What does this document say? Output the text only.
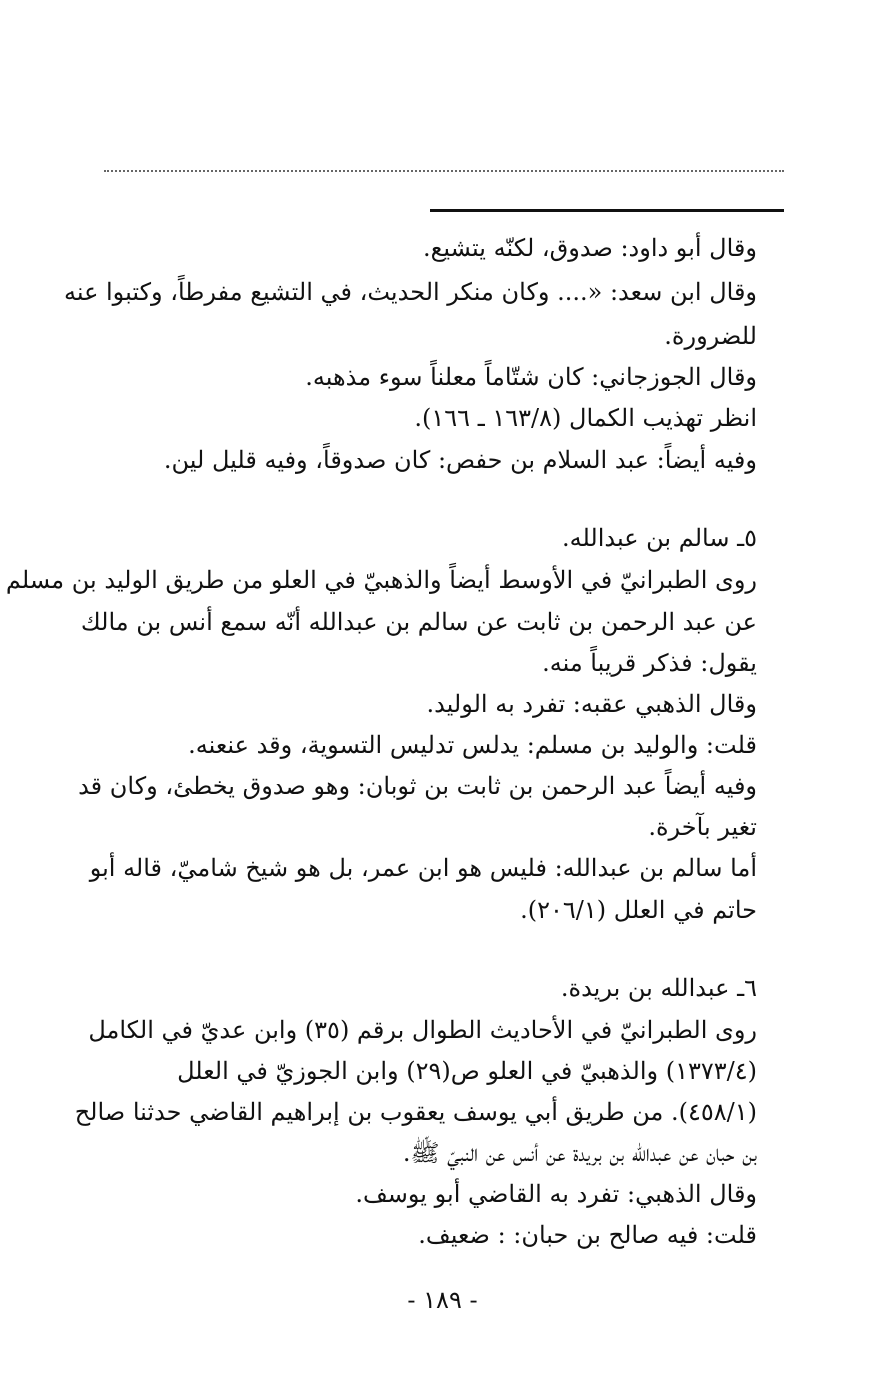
وقال أبو داود: صدوق، لكنّه يتشيع.
وقال ابن سعد: «.... وكان منكر الحديث، في التشيع مفرطاً، وكتبوا عنه
للضرورة.
وقال الجوزجاني: كان شتّاماً معلناً سوء مذهبه.
انظر تهذيب الكمال (١٦٣/٨ ـ ١٦٦).
وفيه أيضاً: عبد السلام بن حفص: كان صدوقاً، وفيه قليل لين.
٥ـ سالم بن عبدالله.
روى الطبرانيّ في الأوسط أيضاً والذهبيّ في العلو من طريق الوليد بن مسلم
عن عبد الرحمن بن ثابت عن سالم بن عبدالله أنّه سمع أنس بن مالك
يقول: فذكر قريباً منه.
وقال الذهبي عقبه: تفرد به الوليد.
قلت: والوليد بن مسلم: يدلس تدليس التسوية، وقد عنعنه.
وفيه أيضاً عبد الرحمن بن ثابت بن ثوبان: وهو صدوق يخطئ، وكان قد
تغير بآخرة.
أما سالم بن عبدالله: فليس هو ابن عمر، بل هو شيخ شاميّ، قاله أبو
حاتم في العلل (٢٠٦/١).
٦ـ عبدالله بن بريدة.
روى الطبرانيّ في الأحاديث الطوال برقم (٣٥) وابن عديّ في الكامل
(١٣٧٣/٤) والذهبيّ في العلو ص(٢٩) وابن الجوزيّ في العلل
(٤٥٨/١). من طريق أبي يوسف يعقوب بن إبراهيم القاضي حدثنا صالح
بن حبان عن عبدالله بن بريدة عن أنس عن النبيّ ﷺ.
وقال الذهبي: تفرد به القاضي أبو يوسف.
قلت: فيه صالح بن حبان: : ضعيف.
- ١٨٩ -
